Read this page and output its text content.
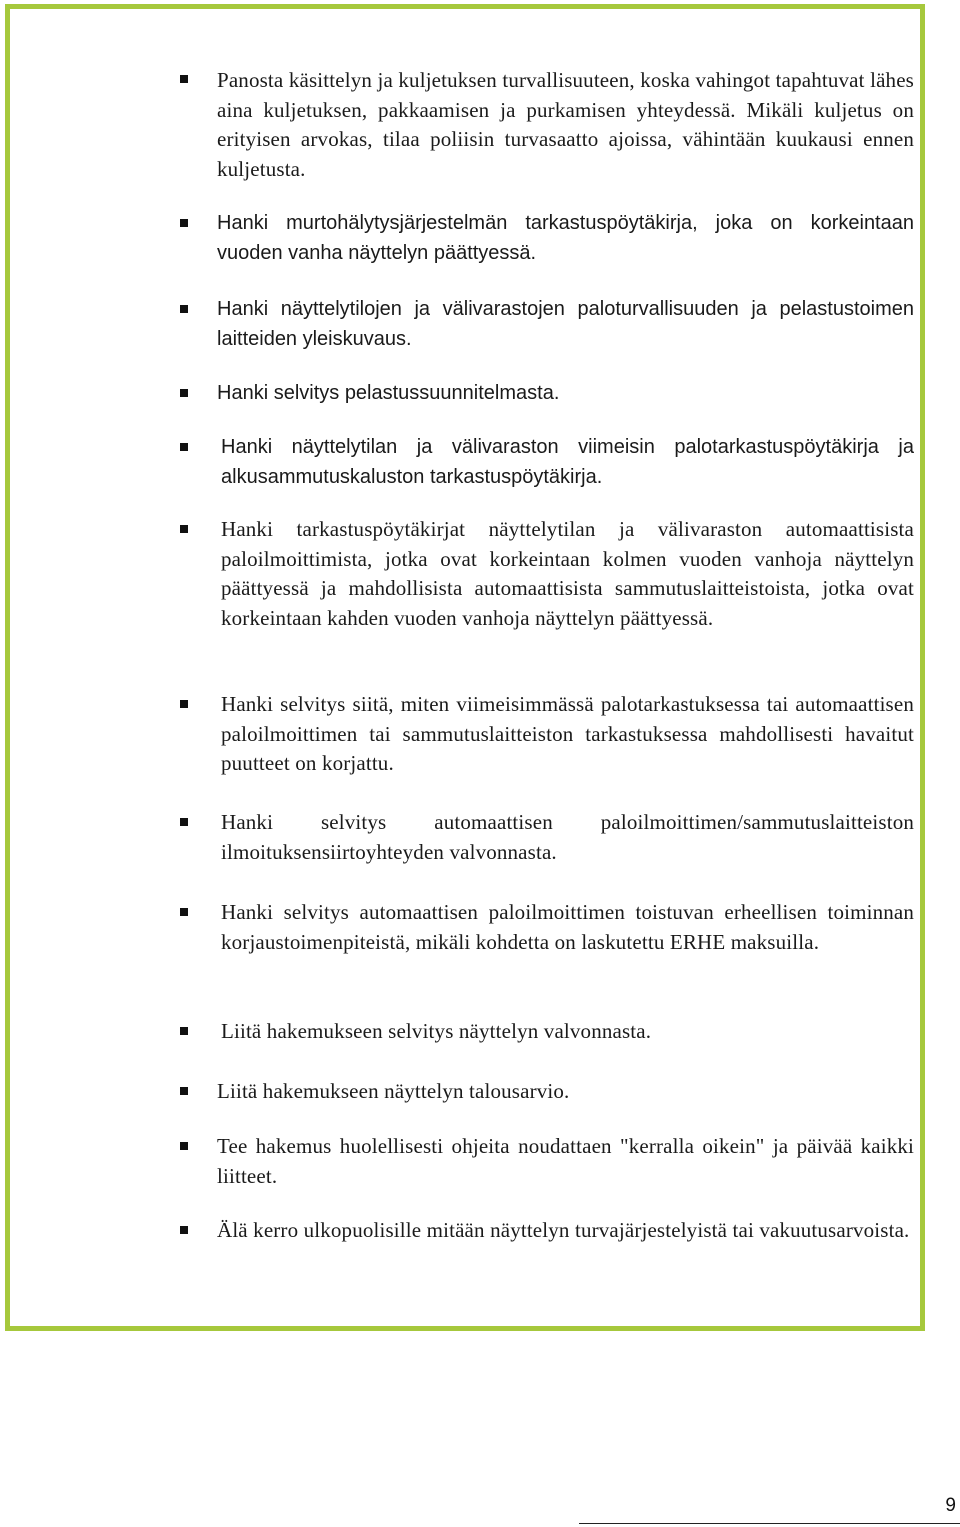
Panosta käsittelyn ja kuljetuksen turvallisuuteen, koska vahingot tapahtuvat lähes aina kuljetuksen, pakkaamisen ja purkamisen yhteydessä. Mikäli kuljetus on erityisen arvokas, tilaa poliisin turvasaatto ajoissa, vähintään kuukausi ennen kuljetusta.

Hanki murtohälytysjärjestelmän tarkastuspöytäkirja, joka on korkeintaan vuoden vanha näyttelyn päättyessä.

Hanki näyttelytilojen ja välivarastojen paloturvallisuuden ja pelastustoimen laitteiden yleiskuvaus.

Hanki selvitys pelastussuunnitelmasta.

Hanki näyttelytilan ja välivaraston viimeisin palotarkastuspöytäkirja ja alkusammutuskaluston tarkastuspöytäkirja.

Hanki tarkastuspöytäkirjat näyttelytilan ja välivaraston automaattisista paloilmoittimista, jotka ovat korkeintaan kolmen vuoden vanhoja näyttelyn päättyessä ja mahdollisista automaattisista sammutuslaitteistoista, jotka ovat korkeintaan kahden vuoden vanhoja näyttelyn päättyessä.

Hanki selvitys siitä, miten viimeisimmässä palotarkastuksessa tai automaattisen paloilmoittimen tai sammutuslaitteiston tarkastuksessa mahdollisesti havaitut puutteet on korjattu.

Hanki selvitys automaattisen paloilmoittimen/sammutuslaitteiston ilmoituksensiirtoyhteyden valvonnasta.

Hanki selvitys automaattisen paloilmoittimen toistuvan erheellisen toiminnan korjaustoimenpiteistä, mikäli kohdetta on laskutettu ERHE maksuilla.

Liitä hakemukseen selvitys näyttelyn valvonnasta.

Liitä hakemukseen näyttelyn talousarvio.

Tee hakemus huolellisesti ohjeita noudattaen "kerralla oikein" ja päivää kaikki liitteet.

Älä kerro ulkopuolisille mitään näyttelyn turvajärjestelyistä tai vakuutusarvoista.

9
